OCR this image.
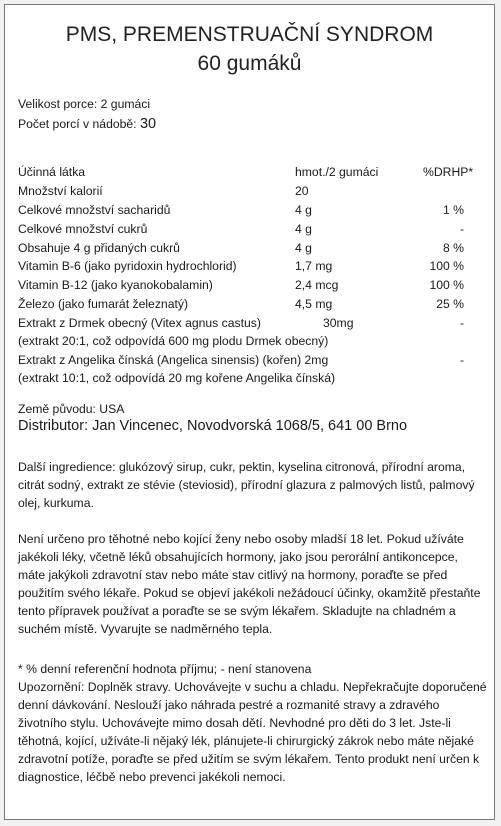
PMS, PREMENSTRUAČNÍ SYNDROM
60 gumáků
Velikost porce: 2 gumáci
Počet porcí v nádobě: 30
Účinná látka	hmot./2 gumáci	%DRHP*
Množství kalorií	20
Celkové množství sacharidů	4 g	1 %
Celkové množství cukrů	4 g	-
Obsahuje 4 g přidaných cukrů	4 g	8 %
Vitamin B-6 (jako pyridoxin hydrochlorid)	1,7 mg	100 %
Vitamin B-12 (jako kyanokobalamin)	2,4 mcg	100 %
Železo (jako fumarát železnatý)	4,5 mg	25 %
Extrakt z Drmek obecný (Vitex agnus castus)	30mg	-
(extrakt 20:1, což odpovídá 600 mg plodu Drmek obecný)
Extrakt z Angelika čínská (Angelica sinensis) (kořen) 2mg	-
(extrakt 10:1, což odpovídá 20 mg kořene Angelika čínská)
Země původu: USA
Distributor: Jan Vincenec, Novodvorská 1068/5, 641 00 Brno
Další ingredience: glukózový sirup, cukr, pektin, kyselina citronová, přírodní aroma, citrát sodný, extrakt ze stévie (steviosid), přírodní glazura z palmových listů, palmový olej, kurkuma.
Není určeno pro těhotné nebo kojící ženy nebo osoby mladší 18 let. Pokud užíváte jakékoli léky, včetně léků obsahujících hormony, jako jsou perorální antikoncepce, máte jakýkoli zdravotní stav nebo máte stav citlivý na hormony, poraďte se před použitím svého lékaře. Pokud se objeví jakékoli nežádoucí účinky, okamžitě přestaňte tento přípravek používat a poraďte se se svým lékařem. Skladujte na chladném a suchém místě. Vyvarujte se nadměrného tepla.
* % denní referenční hodnota příjmu; - není stanovena
Upozornění: Doplněk stravy. Uchovávejte v suchu a chladu. Nepřekračujte doporučené denní dávkování. Neslouží jako náhrada pestré a rozmanité stravy a zdravého životního stylu. Uchovávejte mimo dosah dětí. Nevhodné pro děti do 3 let. Jste-li těhotná, kojící, užíváte-li nějaký lék, plánujete-li chirurgický zákrok nebo máte nějaké zdravotní potíže, poraďte se před užitím se svým lékařem. Tento produkt není určen k diagnostice, léčbě nebo prevenci jakékoli nemoci.
